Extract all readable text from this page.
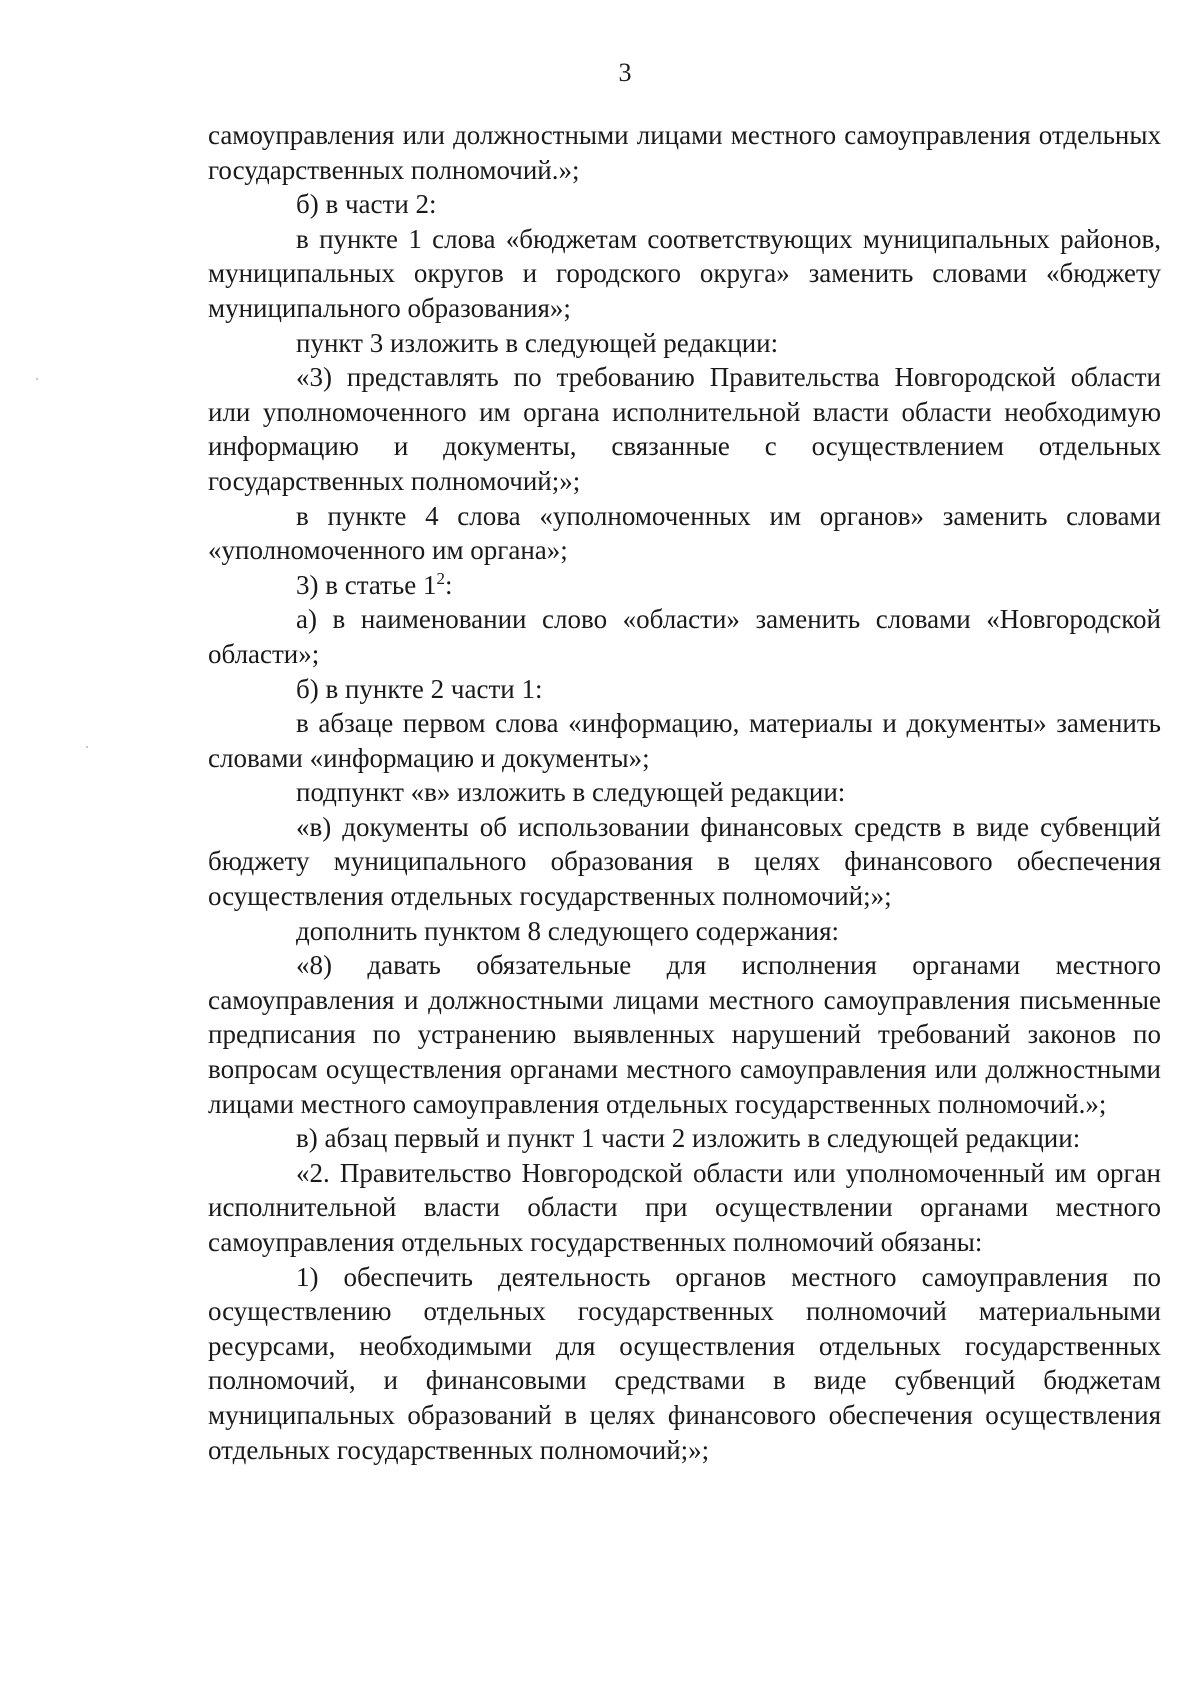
3

самоуправления или должностными лицами местного самоуправления отдельных государственных полномочий.»;

б) в части 2:

в пункте 1 слова «бюджетам соответствующих муниципальных районов, муниципальных округов и городского округа» заменить словами «бюджету муниципального образования»;

пункт 3 изложить в следующей редакции:

«3) представлять по требованию Правительства Новгородской области или уполномоченного им органа исполнительной власти области необходимую информацию и документы, связанные с осуществлением отдельных государственных полномочий;»;

в пункте 4 слова «уполномоченных им органов» заменить словами «уполномоченного им органа»;

3) в статье $1^2$:

а) в наименовании слово «области» заменить словами «Новгородской области»;

б) в пункте 2 части 1:

в абзаце первом слова «информацию, материалы и документы» заменить словами «информацию и документы»;

подпункт «в» изложить в следующей редакции:

«в) документы об использовании финансовых средств в виде субвенций бюджету муниципального образования в целях финансового обеспечения осуществления отдельных государственных полномочий;»;

дополнить пунктом 8 следующего содержания:

«8) давать обязательные для исполнения органами местного самоуправления и должностными лицами местного самоуправления письменные предписания по устранению выявленных нарушений требований законов по вопросам осуществления органами местного самоуправления или должностными лицами местного самоуправления отдельных государственных полномочий.»;

в) абзац первый и пункт 1 части 2 изложить в следующей редакции:

«2. Правительство Новгородской области или уполномоченный им орган исполнительной власти области при осуществлении органами местного самоуправления отдельных государственных полномочий обязаны:

1) обеспечить деятельность органов местного самоуправления по осуществлению отдельных государственных полномочий материальными ресурсами, необходимыми для осуществления отдельных государственных полномочий, и финансовыми средствами в виде субвенций бюджетам муниципальных образований в целях финансового обеспечения осуществления отдельных государственных полномочий;»;
